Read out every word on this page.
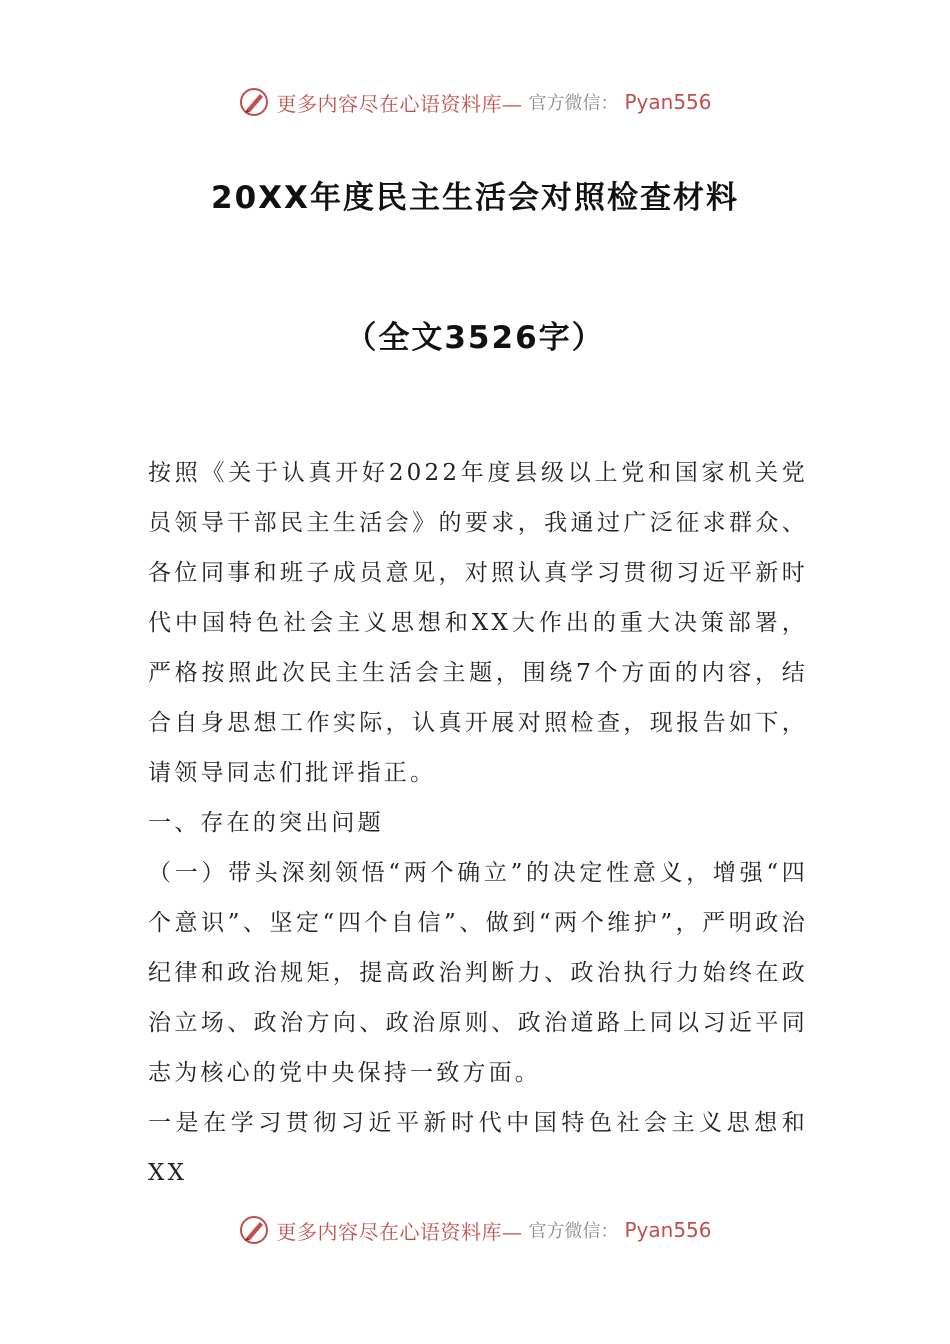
更多内容尽在心语资料库— 官方微信： Pyan556
20XX年度民主生活会对照检查材料
（全文3526字）

按照《关于认真开好2022年度县级以上党和国家机关党员领导干部民主生活会》的要求，我通过广泛征求群众、各位同事和班子成员意见，对照认真学习贯彻习近平新时代中国特色社会主义思想和XX大作出的重大决策部署，严格按照此次民主生活会主题，围绕7个方面的内容，结合自身思想工作实际，认真开展对照检查，现报告如下，请领导同志们批评指正。

一、存在的突出问题

（一）带头深刻领悟“两个确立”的决定性意义，增强“四个意识”、坚定“四个自信”、做到“两个维护”，严明政治纪律和政治规矩，提高政治判断力、政治执行力始终在政治立场、政治方向、政治原则、政治道路上同以习近平同志为核心的党中央保持一致方面。

一是在学习贯彻习近平新时代中国特色社会主义思想和XX

更多内容尽在心语资料库— 官方微信： Pyan556
